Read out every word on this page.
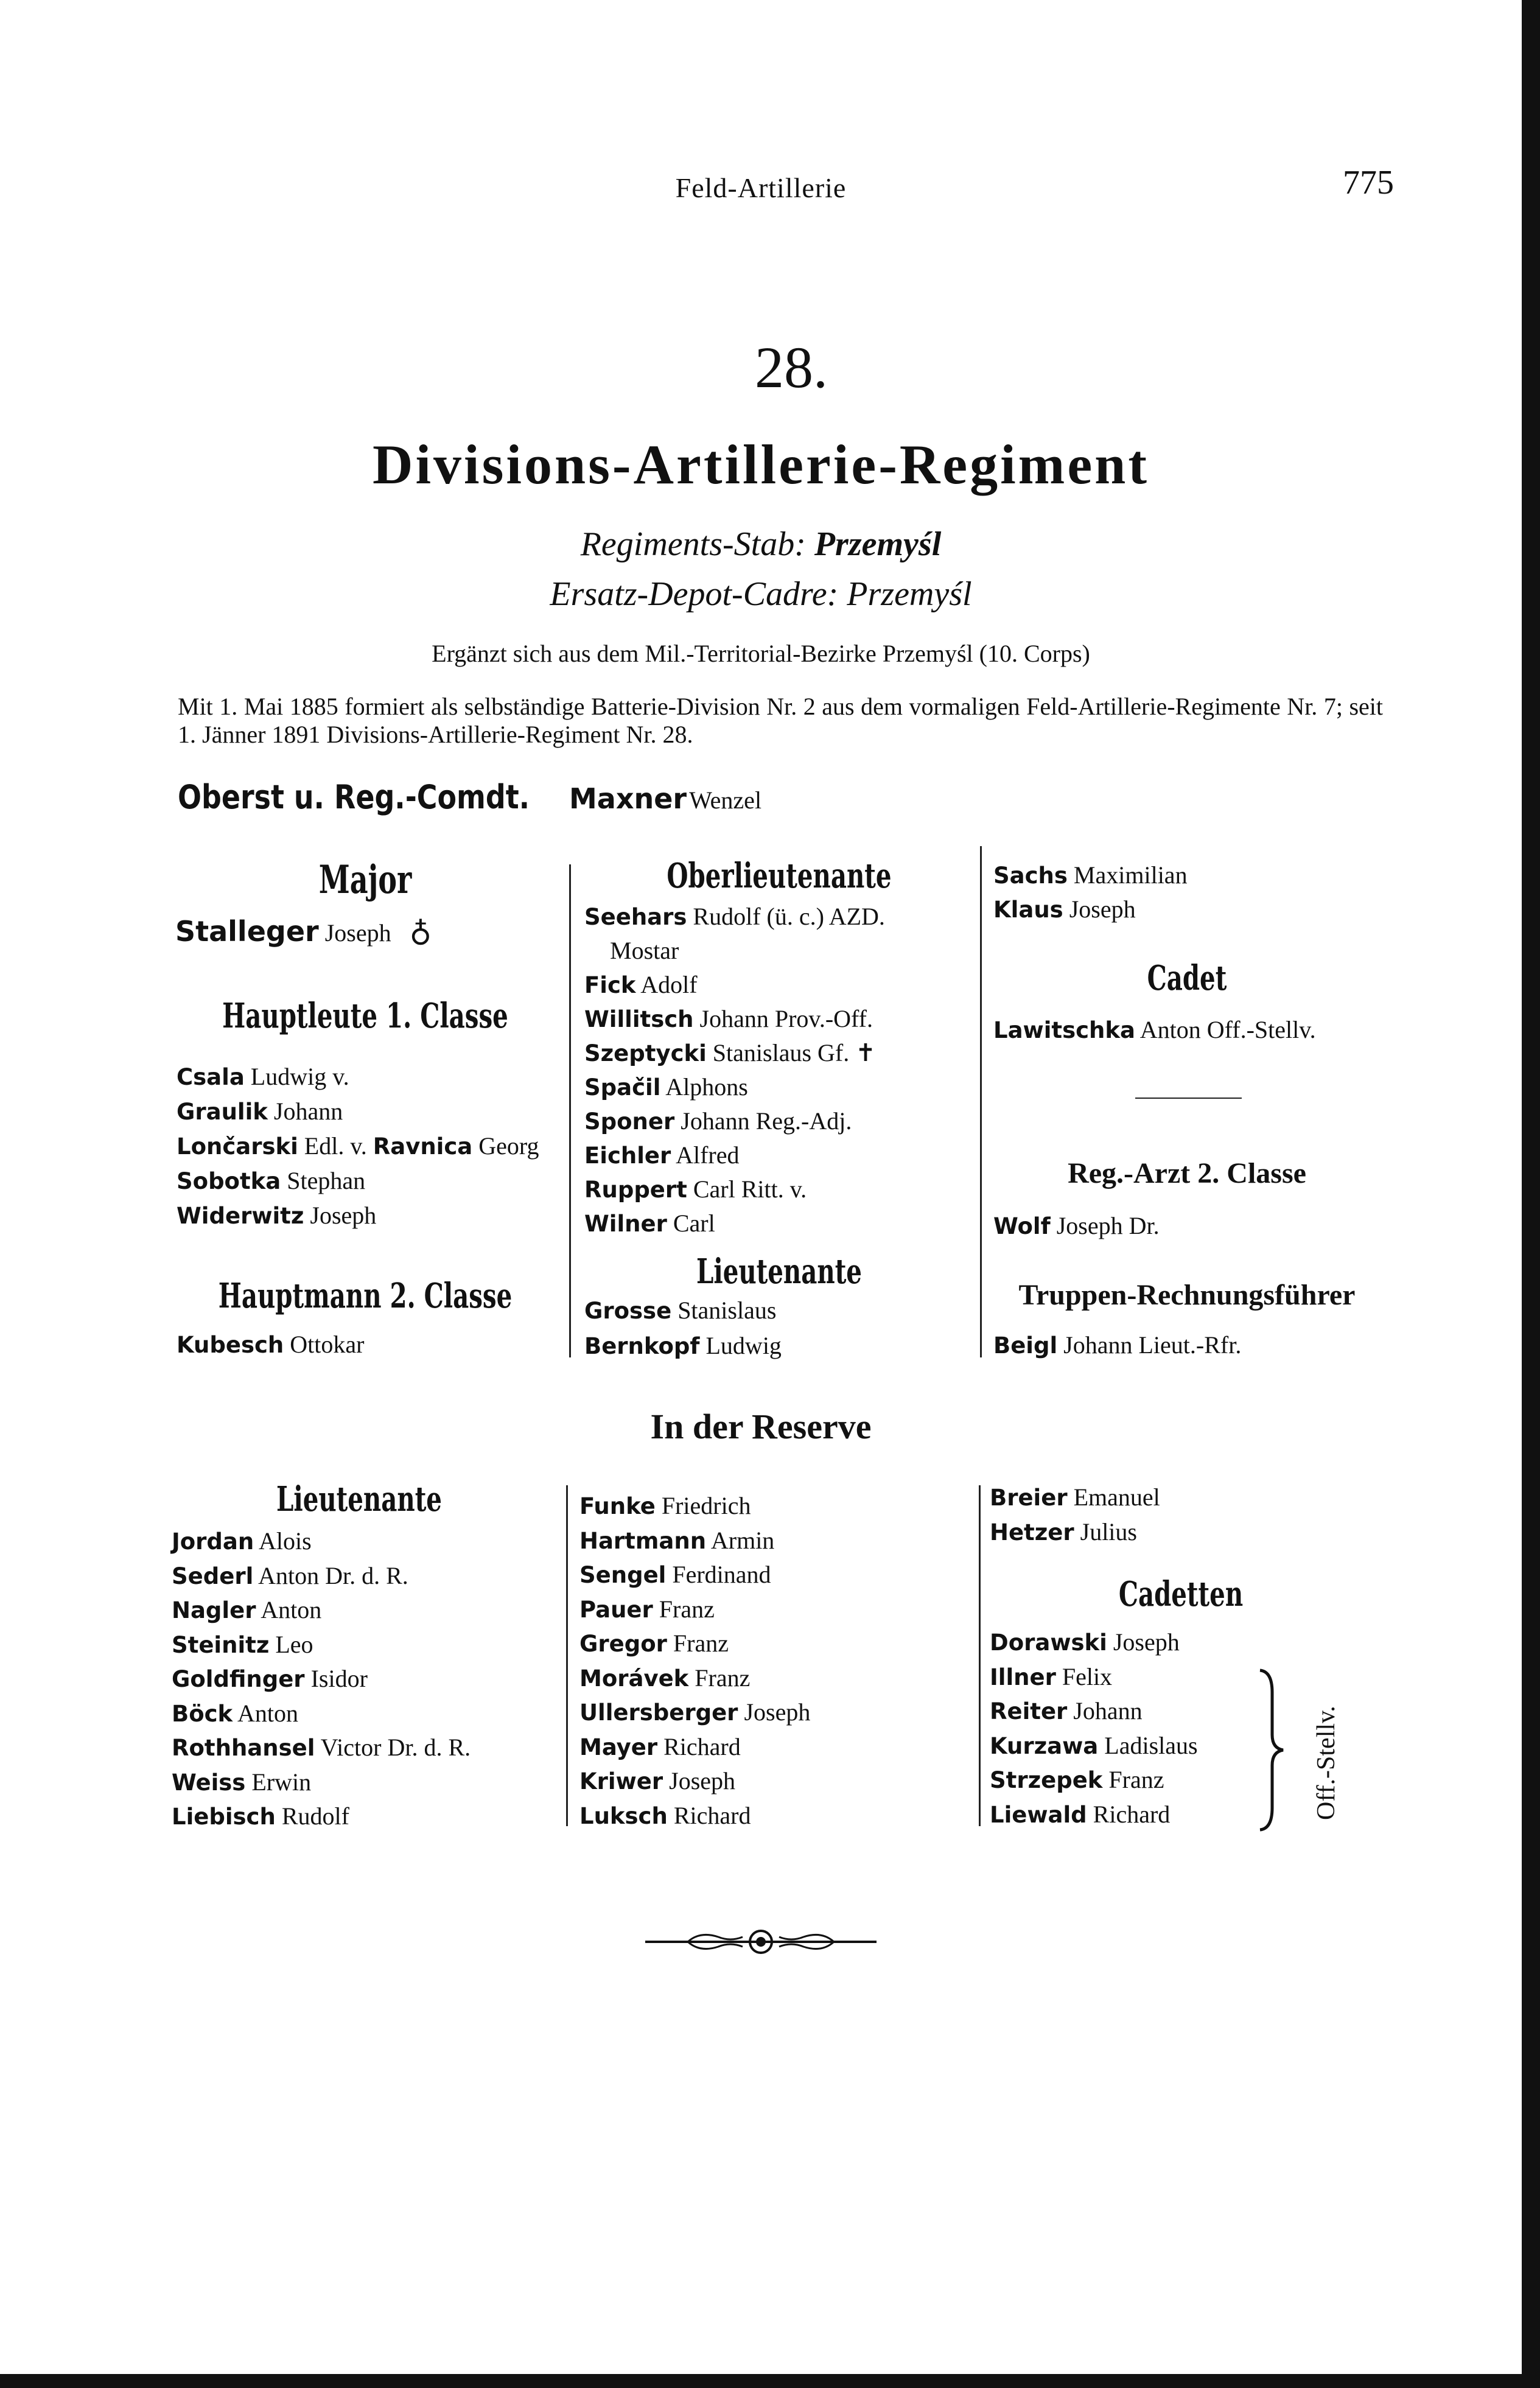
Feld-Artillerie	775
28.
Divisions-Artillerie-Regiment
Regiments-Stab: Przemyśl
Ersatz-Depot-Cadre: Przemyśl
Ergänzt sich aus dem Mil.-Territorial-Bezirke Przemyśl (10. Corps)
Mit 1. Mai 1885 formiert als selbständige Batterie-Division Nr. 2 aus dem vormaligen Feld-Artillerie-Regimente Nr. 7; seit 1. Jänner 1891 Divisions-Artillerie-Regiment Nr. 28.
Oberst u. Reg.-Comdt.	Maxner Wenzel
Major
Stalleger Joseph ♁
Hauptleute 1. Classe
Csala Ludwig v.
Graulik Johann
Lončarski Edl. v. Ravnica Georg
Sobotka Stephan
Widerwitz Joseph
Hauptmann 2. Classe
Kubesch Ottokar
Oberlieutenante
Seehars Rudolf (ü. c.) AZD.
Mostar
Fick Adolf
Willitsch Johann Prov.-Off.
Szeptycki Stanislaus Gf. ✝
Spačil Alphons
Sponer Johann Reg.-Adj.
Eichler Alfred
Ruppert Carl Ritt. v.
Wilner Carl
Lieutenante
Grosse Stanislaus
Bernkopf Ludwig
Sachs Maximilian
Klaus Joseph
Cadet
Lawitschka Anton Off.-Stellv.
Reg.-Arzt 2. Classe
Wolf Joseph Dr.
Truppen-Rechnungsführer
Beigl Johann Lieut.-Rfr.
In der Reserve
Lieutenante
Jordan Alois
Sederl Anton Dr. d. R.
Nagler Anton
Steinitz Leo
Goldfinger Isidor
Böck Anton
Rothhansel Victor Dr. d. R.
Weiss Erwin
Liebisch Rudolf
Funke Friedrich
Hartmann Armin
Sengel Ferdinand
Pauer Franz
Gregor Franz
Morávek Franz
Ullersberger Joseph
Mayer Richard
Kriwer Joseph
Luksch Richard
Breier Emanuel
Hetzer Julius
Cadetten
Dorawski Joseph
Illner Felix
Reiter Johann
Kurzawa Ladislaus
Strzepek Franz
Liewald Richard	Off.-Stellv.
